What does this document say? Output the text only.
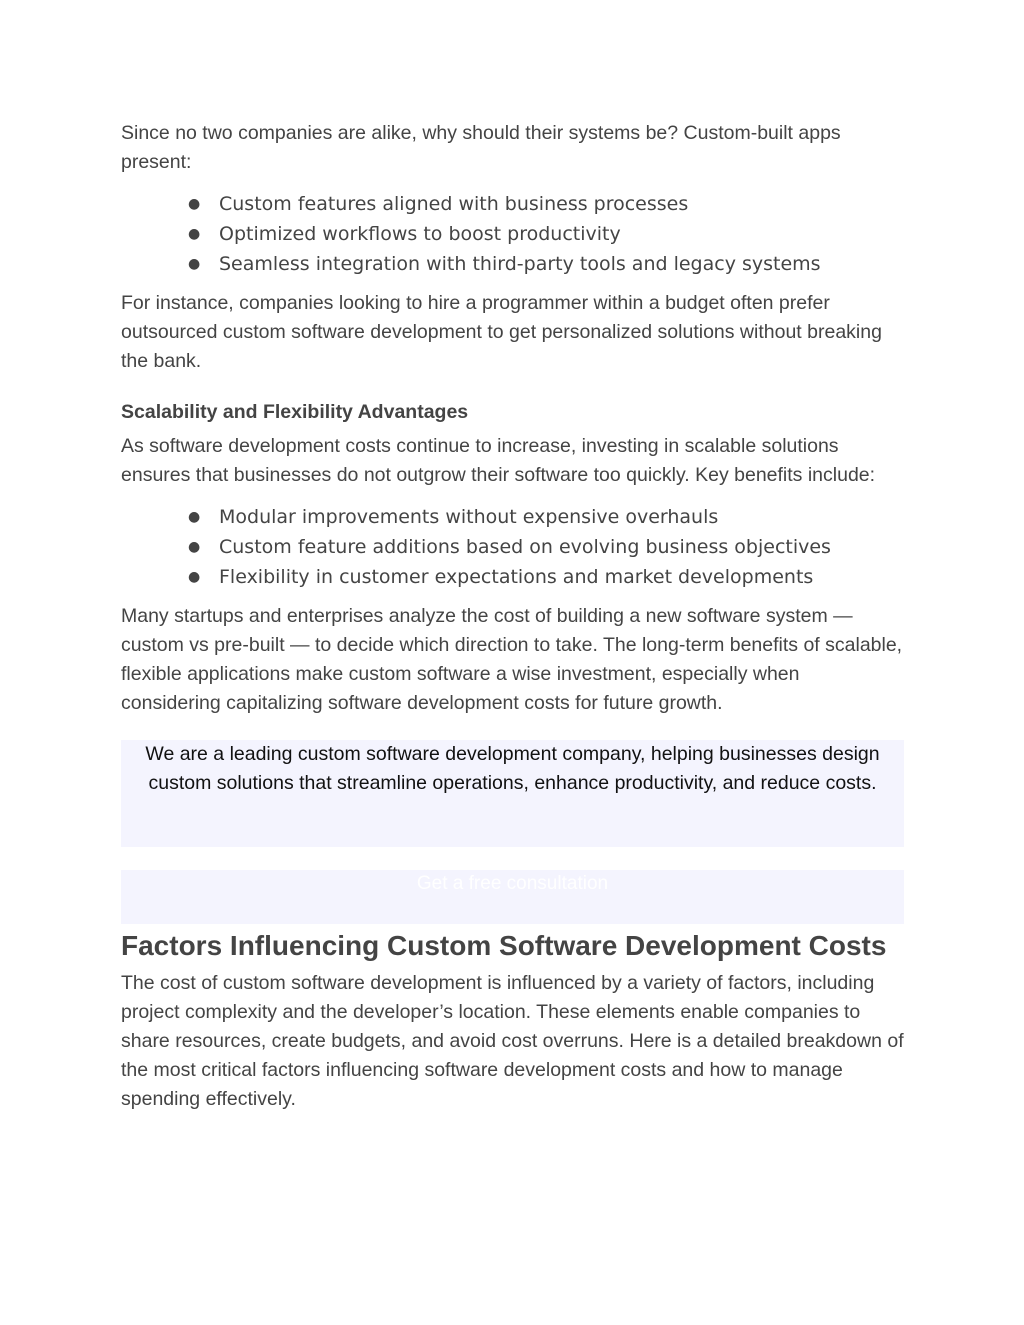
Since no two companies are alike, why should their systems be? Custom-built apps present:

● Custom features aligned with business processes
● Optimized workflows to boost productivity
● Seamless integration with third-party tools and legacy systems

For instance, companies looking to hire a programmer within a budget often prefer outsourced custom software development to get personalized solutions without breaking the bank.

Scalability and Flexibility Advantages

As software development costs continue to increase, investing in scalable solutions ensures that businesses do not outgrow their software too quickly. Key benefits include:

● Modular improvements without expensive overhauls
● Custom feature additions based on evolving business objectives
● Flexibility in customer expectations and market developments

Many startups and enterprises analyze the cost of building a new software system — custom vs pre-built — to decide which direction to take. The long-term benefits of scalable, flexible applications make custom software a wise investment, especially when considering capitalizing software development costs for future growth.

We are a leading custom software development company, helping businesses design custom solutions that streamline operations, enhance productivity, and reduce costs.
Get a free consultation
Factors Influencing Custom Software Development Costs

The cost of custom software development is influenced by a variety of factors, including project complexity and the developer’s location. These elements enable companies to share resources, create budgets, and avoid cost overruns. Here is a detailed breakdown of the most critical factors influencing software development costs and how to manage spending effectively.
